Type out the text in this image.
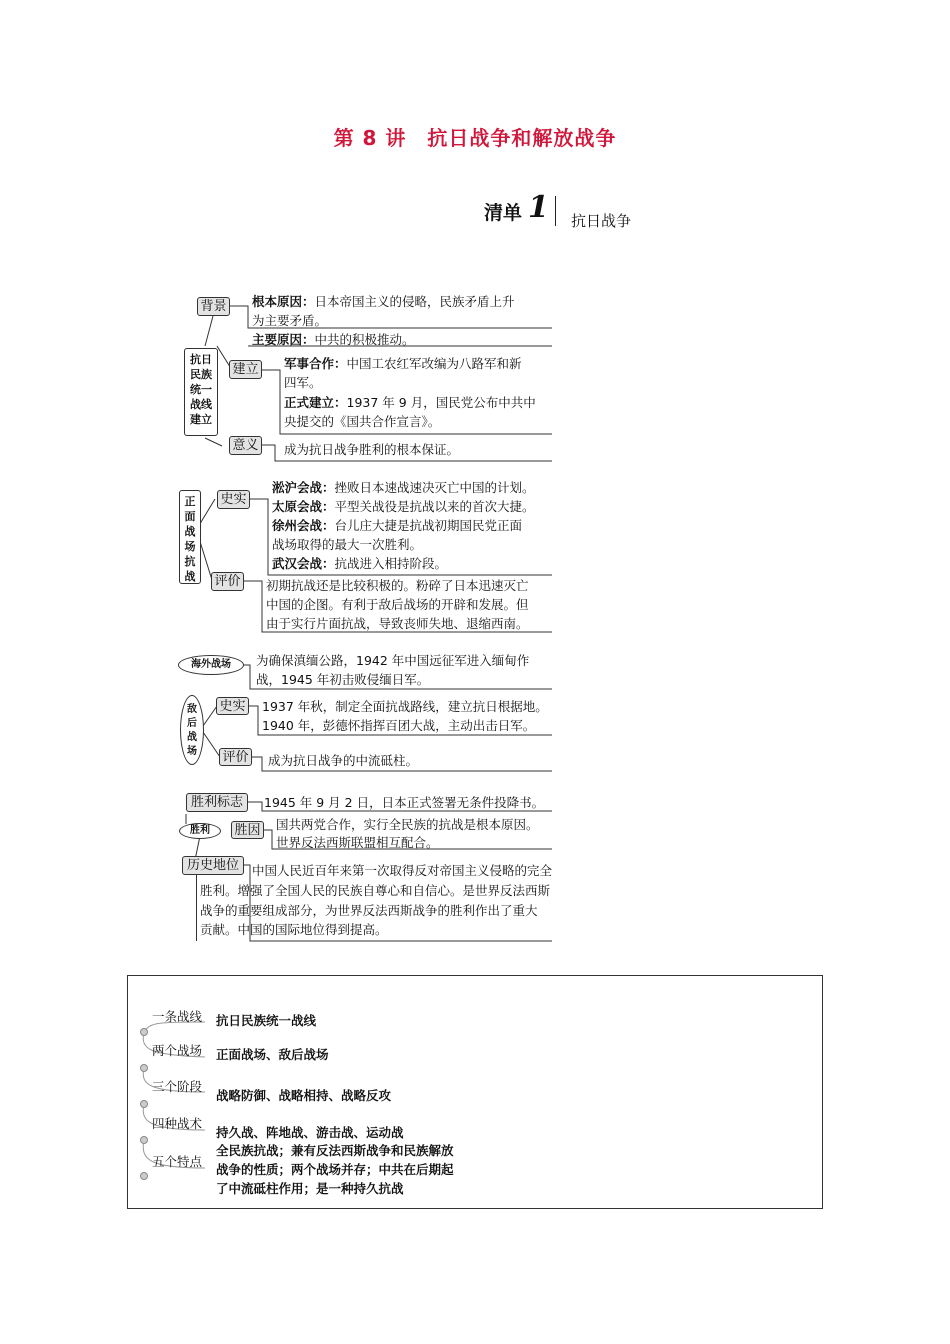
第 8 讲　抗日战争和解放战争
清单 1 抗日战争
抗日民族统一战线建立
背景
建立
意义
根本原因：日本帝国主义的侵略，民族矛盾上升
为主要矛盾。
主要原因：中共的积极推动。
军事合作：中国工农红军改编为八路军和新
四军。
正式建立：1937 年 9 月，国民党公布中共中
央提交的《国共合作宣言》。
成为抗日战争胜利的根本保证。
正面战场抗战
史实
评价
淞沪会战：挫败日本速战速决灭亡中国的计划。
太原会战：平型关战役是抗战以来的首次大捷。
徐州会战：台儿庄大捷是抗战初期国民党正面
战场取得的最大一次胜利。
武汉会战：抗战进入相持阶段。
初期抗战还是比较积极的。粉碎了日本迅速灭亡
中国的企图。有利于敌后战场的开辟和发展。但
由于实行片面抗战，导致丧师失地、退缩西南。
海外战场	为确保滇缅公路，1942 年中国远征军进入缅甸作
战，1945 年初击败侵缅日军。
敌后战场
史实
评价
1937 年秋，制定全面抗战路线，建立抗日根据地。
1940 年，彭德怀指挥百团大战，主动出击日军。
成为抗日战争的中流砥柱。
胜利标志
胜利	胜因
历史地位
1945 年 9 月 2 日，日本正式签署无条件投降书。
国共两党合作，实行全民族的抗战是根本原因。
世界反法西斯联盟相互配合。
中国人民近百年来第一次取得反对帝国主义侵略的完全
胜利。增强了全国人民的民族自尊心和自信心。是世界反法西斯
战争的重要组成部分，为世界反法西斯战争的胜利作出了重大
贡献。中国的国际地位得到提高。
一条战线 抗日民族统一战线
两个战场 正面战场、敌后战场
三个阶段
战略防御、战略相持、战略反攻
四种战术
持久战、阵地战、游击战、运动战
五个特点
全民族抗战；兼有反法西斯战争和民族解放
战争的性质；两个战场并存；中共在后期起
了中流砥柱作用；是一种持久抗战
